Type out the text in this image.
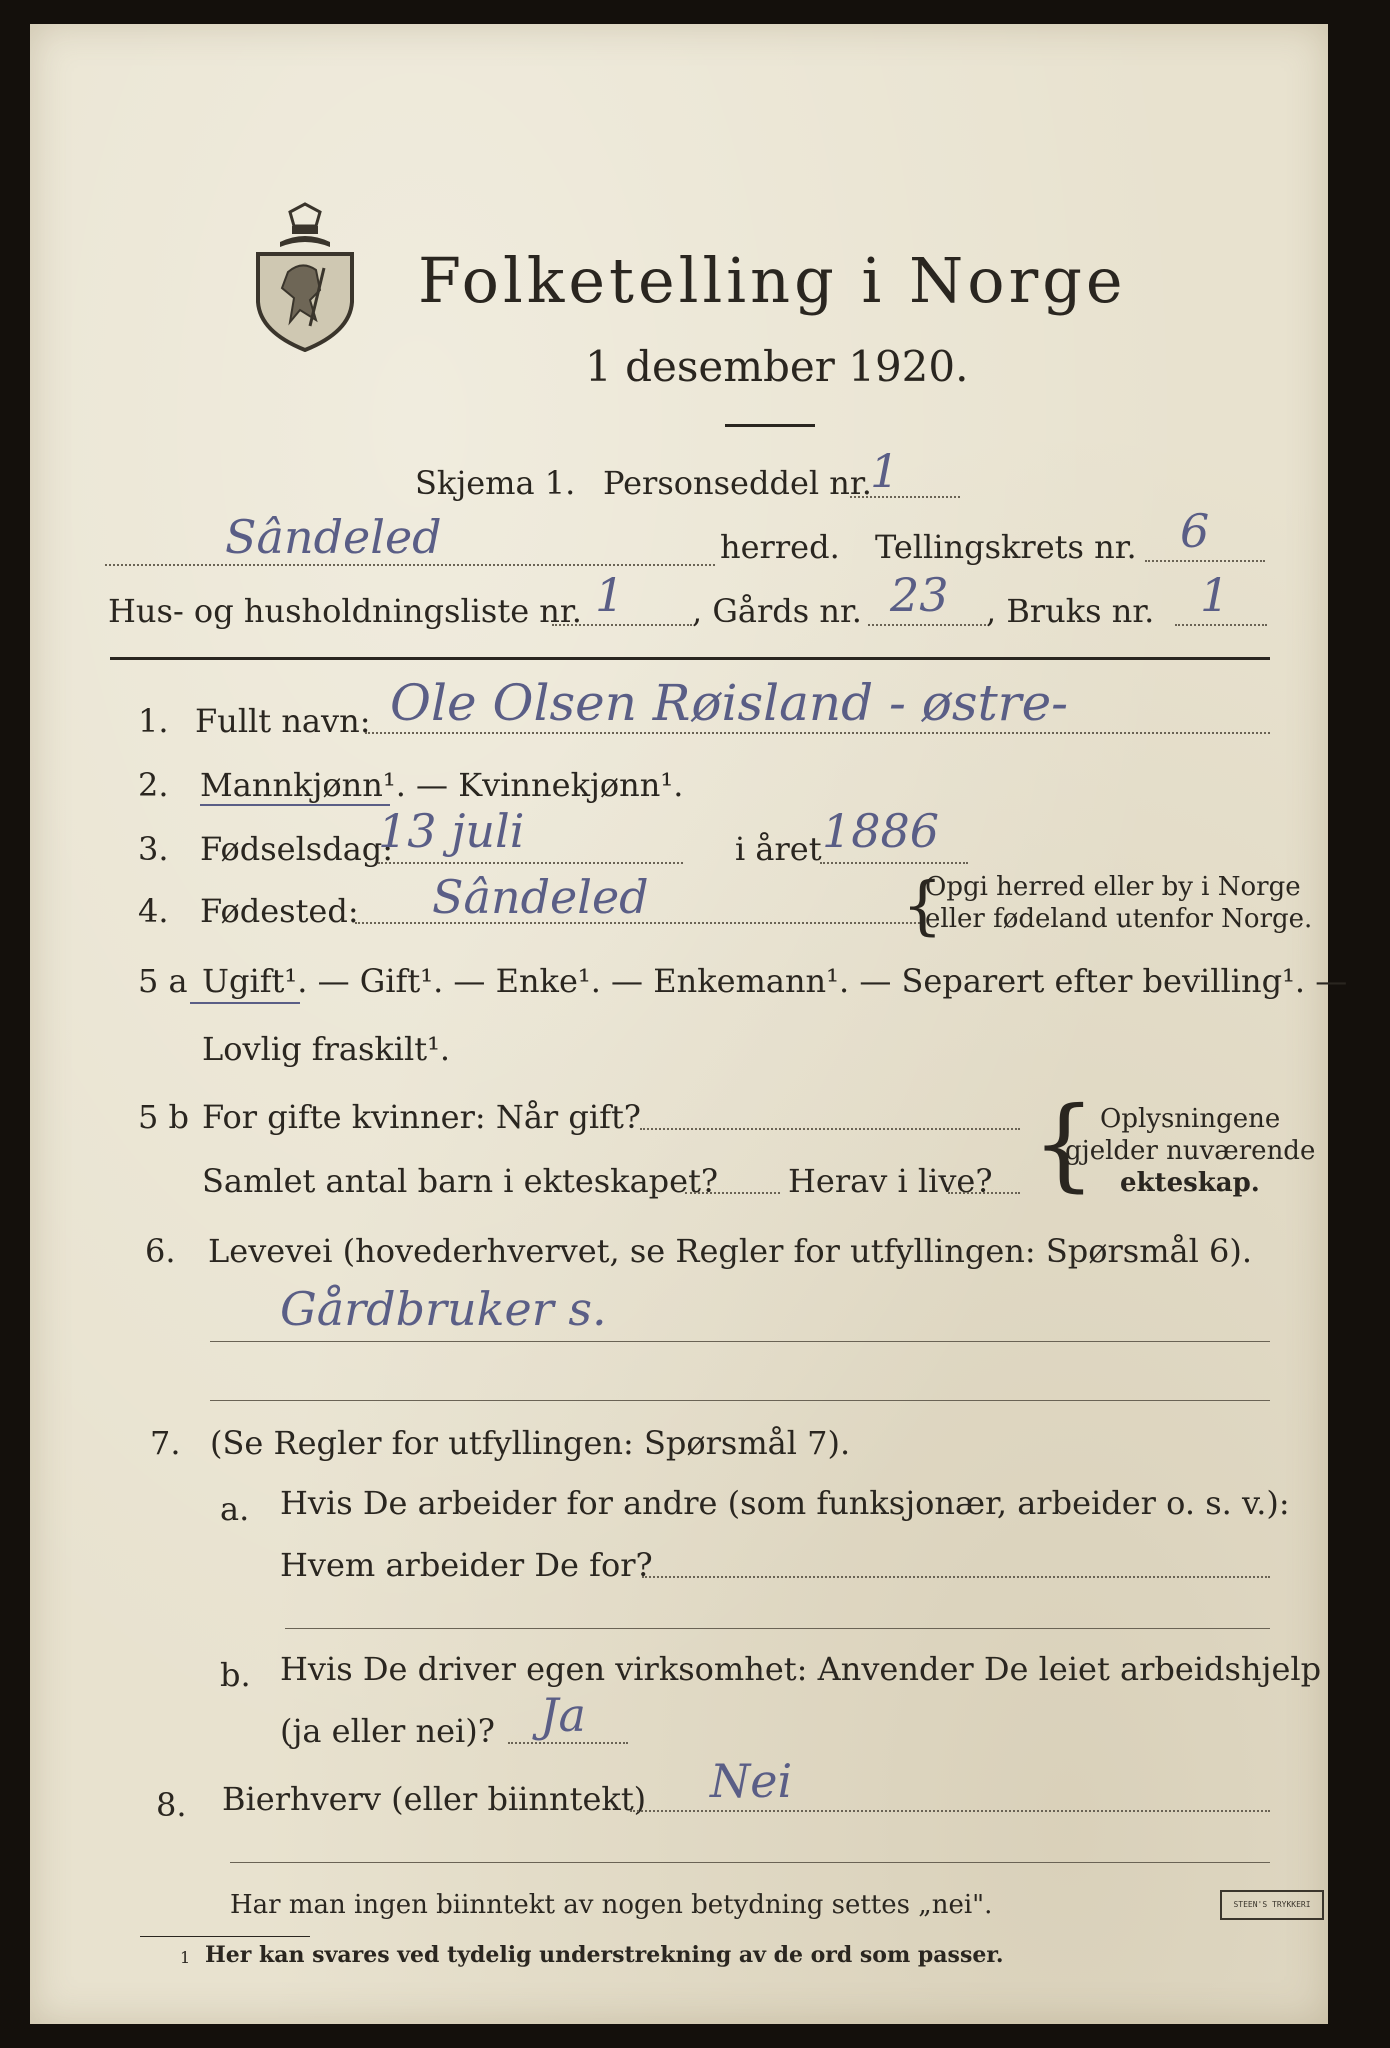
Folketelling i Norge
1 desember 1920.
Skjema 1. Personseddel nr.
1
Sândeled	herred. Tellingskrets nr. 6
Hus- og husholdningsliste nr. 1 , Gårds nr. 23 , Bruks nr. 1
1. Fullt navn: Ole Olsen Røisland - østre-
2. Mannkjønn¹. — Kvinnekjønn¹.
3. Fødselsdag:
13 juli	i året 1886
4. Fødested: Sândeled	{
Opgi herred eller by i Norge
eller fødeland utenfor Norge.
5 a Ugift¹. — Gift¹. — Enke¹. — Enkemann¹. — Separert efter bevilling¹. —
Lovlig fraskilt¹.
5 b For gifte kvinner: Når gift?
Samlet antal barn i ekteskapet? Herav i live? { Oplysningene
gjelder nuværende
ekteskap.
6. Levevei (hovederhvervet, se Regler for utfyllingen: Spørsmål 6).
Gårdbruker s.
7. (Se Regler for utfyllingen: Spørsmål 7).
a. Hvis De arbeider for andre (som funksjonær, arbeider o. s. v.):
Hvem arbeider De for?
b. Hvis De driver egen virksomhet: Anvender De leiet arbeidshjelp
(ja eller nei)? Ja
8. Bierhverv (eller biinntekt) Nei
Har man ingen biinntekt av nogen betydning settes „nei".
1 Her kan svares ved tydelig understrekning av de ord som passer.
STEEN'S TRYKKERI
